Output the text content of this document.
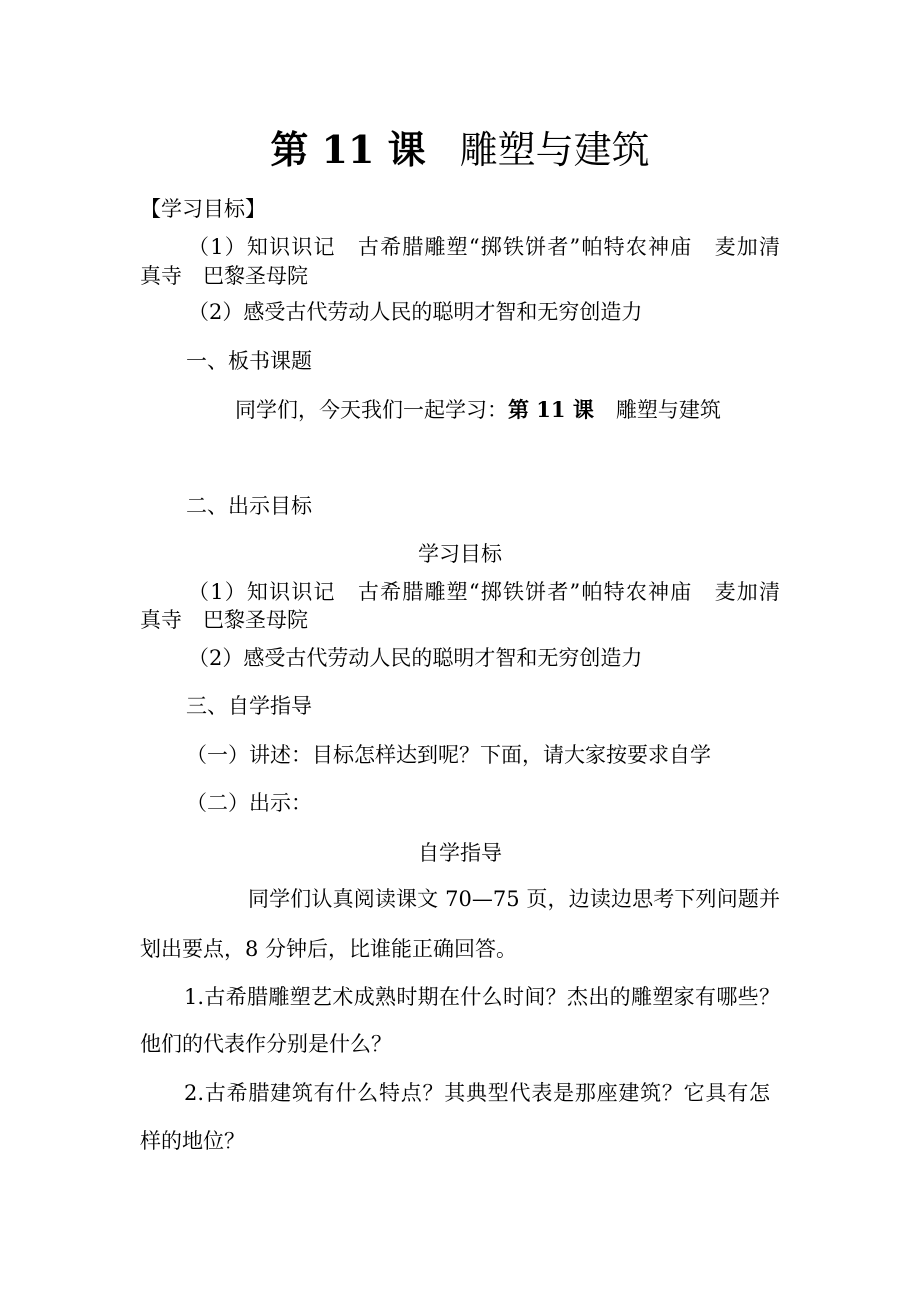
第 11 课 雕塑与建筑
【学习目标】
（1）知识识记　古希腊雕塑“掷铁饼者”帕特农神庙　麦加清
真寺　巴黎圣母院
（2）感受古代劳动人民的聪明才智和无穷创造力
一、板书课题
同学们，今天我们一起学习：第 11 课 雕塑与建筑
二、出示目标
学习目标
（1）知识识记　古希腊雕塑“掷铁饼者”帕特农神庙　麦加清
真寺　巴黎圣母院
（2）感受古代劳动人民的聪明才智和无穷创造力
三、自学指导
（一）讲述：目标怎样达到呢？下面，请大家按要求自学
（二）出示：
自学指导
同学们认真阅读课文 70—75 页，边读边思考下列问题并
划出要点，8 分钟后，比谁能正确回答。
1.古希腊雕塑艺术成熟时期在什么时间？杰出的雕塑家有哪些？
他们的代表作分别是什么？
2.古希腊建筑有什么特点？其典型代表是那座建筑？它具有怎
样的地位？
